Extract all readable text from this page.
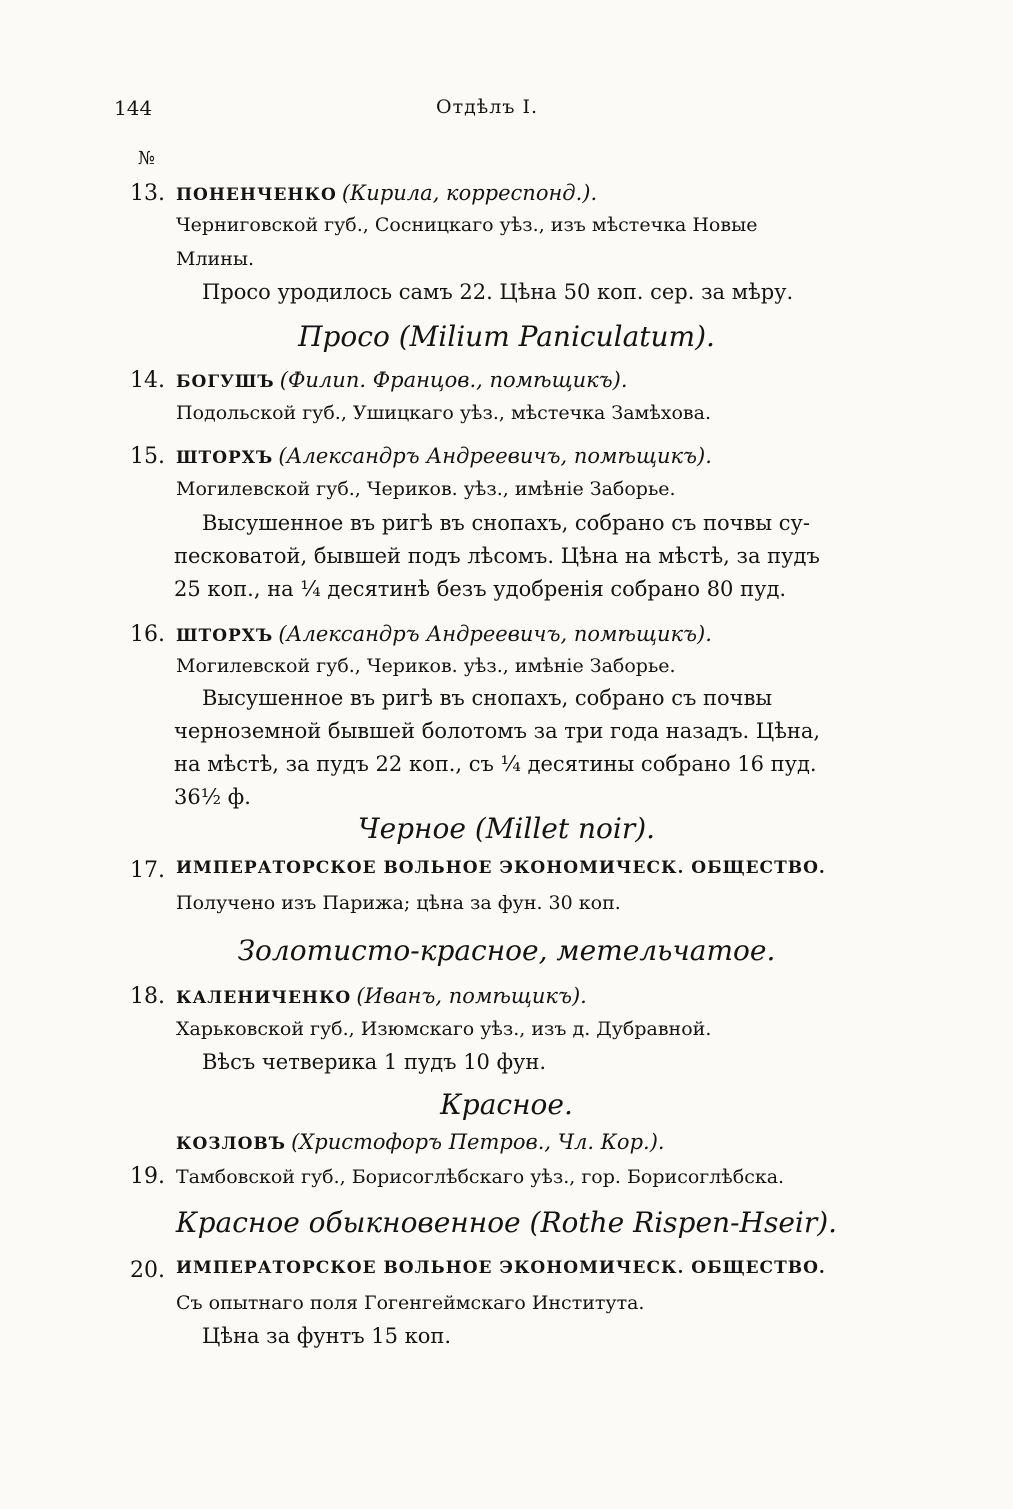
144	Отдѣлъ I.
№
13. ПОНЕНЧЕНКО (Кирила, корреспонд.).
Черниговской губ., Сосницкаго уѣз., изъ мѣстечка Новые
Млины.
Просо уродилось самъ 22. Цѣна 50 коп. сер. за мѣру.
Просо (Milium Paniculatum).
14. БОГУШЪ (Филип. Францов., помѣщикъ).
Подольской губ., Ушицкаго уѣз., мѣстечка Замѣхова.
15. ШТОРХЪ (Александръ Андреевичъ, помѣщикъ).
Могилевской губ., Чериков. уѣз., имѣніе Заборье.
Высушенное въ ригѣ въ снопахъ, собрано съ почвы су-
песковатой, бывшей подъ лѣсомъ. Цѣна на мѣстѣ, за пудъ
25 коп., на ¼ десятинѣ безъ удобренія собрано 80 пуд.
16. ШТОРХЪ (Александръ Андреевичъ, помѣщикъ).
Могилевской губ., Чериков. уѣз., имѣніе Заборье.
Высушенное въ ригѣ въ снопахъ, собрано съ почвы
черноземной бывшей болотомъ за три года назадъ. Цѣна,
на мѣстѣ, за пудъ 22 коп., съ ¼ десятины собрано 16 пуд.
36½ ф.
Черное (Millet noir).
17. ИМПЕРАТОРСКОЕ ВОЛЬНОЕ ЭКОНОМИЧЕСК. ОБЩЕСТВО.
Получено изъ Парижа; цѣна за фун. 30 коп.
Золотисто-красное, метельчатое.
18. КАЛЕНИЧЕНКО (Иванъ, помѣщикъ).
Харьковской губ., Изюмскаго уѣз., изъ д. Дубравной.
Вѣсъ четверика 1 пудъ 10 фун.
Красное.
КОЗЛОВЪ (Христофоръ Петров., Чл. Кор.).
19. Тамбовской губ., Борисоглѣбскаго уѣз., гор. Борисоглѣбска.
Красное обыкновенное (Rothe Rispen-Hseir).
20. ИМПЕРАТОРСКОЕ ВОЛЬНОЕ ЭКОНОМИЧЕСК. ОБЩЕСТВО.
Съ опытнаго поля Гогенгеймскаго Института.
Цѣна за фунтъ 15 коп.
